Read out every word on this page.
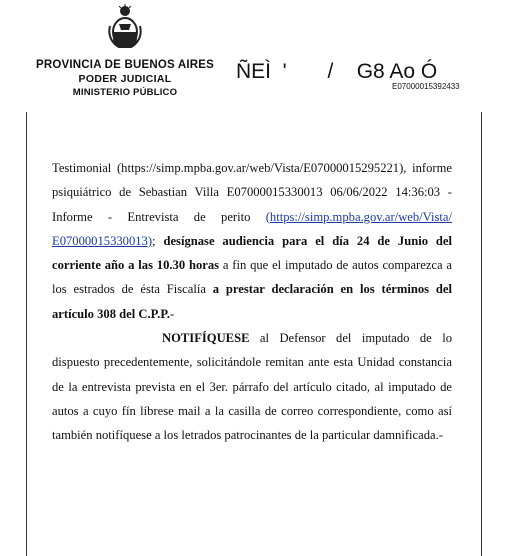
PROVINCIA DE BUENOS AIRES
PODER JUDICIAL
MINISTERIO PÚBLICO
ÑEÌ  '       /    G8 Ao Ó
E07000015392433

Testimonial (https://simp.mpba.gov.ar/web/Vista/E07000015295221), informe psiquiátrico de Sebastian Villa E07000015330013 06/06/2022 14:36:03 - Informe - Entrevista de perito (https://simp.mpba.gov.ar/web/Vista/ E07000015330013); desígnase audiencia para el día 24 de Junio del corriente año a las 10.30 horas a fin que el imputado de autos comparezca a los estrados de ésta Fiscalía a prestar declaración en los términos del artículo 308 del C.P.P.-

NOTIFÍQUESE al Defensor del imputado de lo dispuesto precedentemente, solicitándole remitan ante esta Unidad constancia de la entrevista prevista en el 3er. párrafo del artículo citado, al imputado de autos a cuyo fín líbrese mail a la casilla de correo correspondiente, como así también notifíquese a los letrados patrocinantes de la particular damnificada.-
